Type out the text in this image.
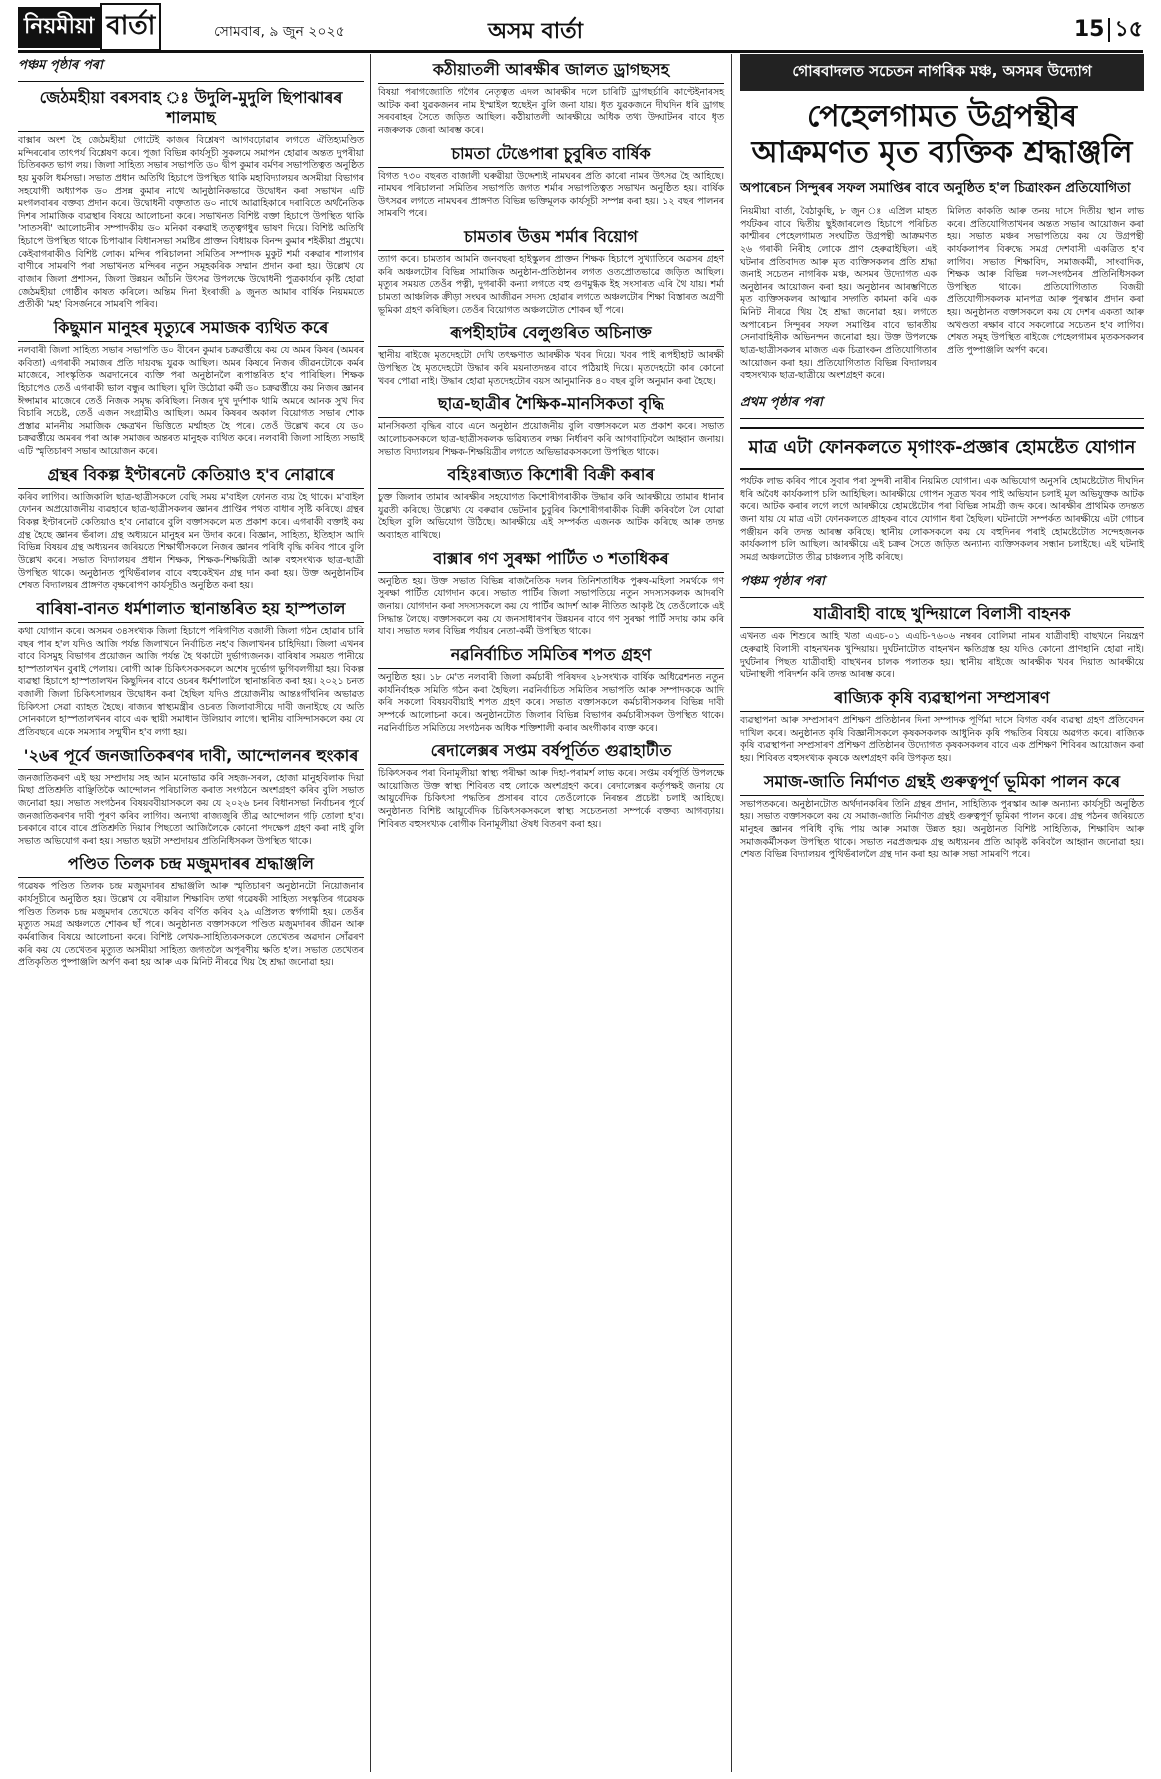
নিয়মীয়া বার্তা	সোমবাৰ, ৯ জুন ২০২৫	অসম বাৰ্তা	15 ১৫
পঞ্চম পৃষ্ঠাৰ পৰা
জেঠমহীয়া বৰসবাহ ঃ উদুলি-মুদুলি ছিপাঝাৰৰ শালমাছ

বাক্সাৰ অংশ হৈ জেঠমহীয়া গোটেই কাজৰ বিশ্লেষণ আগবঢ়োৱাৰ লগতে ঐতিহ্যমণ্ডিত মন্দিৰৰোৰ তাৎপৰ্য বিশ্লেষণ কৰে। পূজা বিভিন্ন কাৰ্যসূচী সুকলমে সমাপন হোৱাৰ অন্তত দুপৰীয়া চিতিৰকত ভাগ লয়। জিলা সাহিত্য সভাৰ সভাপতি ড০ দ্বীপ কুমাৰ বৰ্মণৰ সভাপতিত্বত অনুষ্ঠিত হয় মুকলি ধৰ্মসভা। সভাত প্ৰধান অতিথি হিচাপে উপস্থিত থাকি মহাবিদ্যালয়ৰ অসমীয়া বিভাগৰ সহযোগী অধ্যাপক ড০ প্ৰসন্ন কুমাৰ নাথে আনুষ্ঠানিকভাৱে উদ্বোধন কৰা সভাখন এটি মংগলবাৰৰ বক্তব্য প্ৰদান কৰে। উদ্বোধনী বক্তৃতাত ড০ নাথে আৱাহিকাৰে দৰাবিতে অৰ্থনৈতিক দিশৰ সামাজিক ব্যৱস্থাৰ বিষয়ে আলোচনা কৰে। সভাখনত বিশিষ্ট বক্তা হিচাপে উপস্থিত থাকি 'সাতসৰী' আলোচনীৰ সম্পাদকীয় ড০ মনিকা বৰুৱাই তত্ত্বগধুৰ ভাষণ দিয়ে। বিশিষ্ট অতিথি হিচাপে উপস্থিত থাকে চিপাঝাৰ বিধানসভা সমষ্টিৰ প্ৰাক্তন বিধায়ক বিনন্দ কুমাৰ শইকীয়া প্ৰমুখে। কেইবাগৰাকীও বিশিষ্ট লোক। মন্দিৰ পৰিচালনা সমিতিৰ সম্পাদক মুকুট শৰ্মা বৰুৱাৰ শালাগৰ বাণীৰে সামৰণি পৰা সভাখনত মন্দিৰৰ নতুন সমূহকৰিক সম্মান প্ৰদান কৰা হয়। উল্লেখ যে বাজাৰ জিলা প্ৰশাসন, জিলা উন্নয়ন আঁচনি উৎসৱ উপলক্ষে উদ্বোধনী পুত্ৰকাৰ্য্যৰ কৃষ্টি হোৱা জেঠমহীয়া গোষ্ঠীৰ কাষত কৰিলে। অন্তিম দিনা ইংৰাজী ৯ জুনত আমাৰ বাৰ্ষিক নিয়মমতে প্ৰতীকী 'মহ' বিসৰ্জনৰে সামৰণি পৰিব।

কিছুমান মানুহৰ মৃত্যুৰে সমাজক ব্যথিত কৰে

নলবাৰী জিলা সাহিত্য সভাৰ সভাপতি ড০ বীৰেন কুমাৰ চক্ৰৱৰ্ত্তীয়ে কয় যে অমৰ কিষৰ (অমৰৰ কবিতা) এগৰাকী সমাজৰ প্ৰতি দায়বদ্ধ যুৱক আছিল। অমৰ কিষৰে নিজৰ জীৱনটোকে কৰ্মৰ মাজেৰে, সাংস্কৃতিক অৱদানেৰে ব্যক্তি পৰা অনুষ্ঠানলৈ ৰূপান্তৰিত হ'ব পাৰিছিল। শিক্ষক হিচাপেও তেওঁ এগৰাকী ভাল বন্ধুৰ আছিল। ঘূলি উঠোৱা কৰ্মী ড০ চক্ৰৱৰ্ত্তীয়ে কয় নিজৰ জ্ঞানৰ ঈপ্সামাৰ মাজেৰে তেওঁ নিজক সমৃদ্ধ কৰিছিল। নিজৰ দুখ দুৰ্দশাক থামি অমৰে আনক সুখ দিব বিচাৰি সচেষ্ট, তেওঁ এজন সংগ্ৰামীও আছিল। অমৰ কিষৰৰ অকাল বিয়োগত সভাৰ শোক প্ৰস্তাৱ মাননীয় সমাজিক ক্ষেত্ৰখন ভিত্তিতে মৰ্ম্মাহত হৈ পৰে। তেওঁ উল্লেখ কৰে যে ড০ চক্ৰৱৰ্ত্তীয়ে অমৰৰ পৰা আৰু সমাজৰ অন্তৰত মানুহক ব্যথিত কৰে। নলবাৰী জিলা সাহিত্য সভাই এটি স্মৃতিচাৰণ সভাৰ আয়োজন কৰে।

গ্ৰন্থৰ বিকল্প ইণ্টাৰনেট কেতিয়াও হ'ব নোৱাৰে

কৰিব লাগিব। আজিকালি ছাত্ৰ-ছাত্ৰীসকলে বেছি সময় ম'বাইল ফোনত ব্যয় হৈ থাকে। ম'বাইল ফোনৰ অপ্ৰয়োজনীয় ব্যৱহাৰে ছাত্ৰ-ছাত্ৰীসকলৰ জ্ঞানৰ প্ৰাপ্তিৰ পথত বাধাৰ সৃষ্টি কৰিছে। গ্ৰন্থৰ বিকল্প ইণ্টাৰনেট কেতিয়াও হ'ব নোৱাৰে বুলি বক্তাসকলে মত প্ৰকাশ কৰে। এগৰাকী বক্তাই কয় গ্ৰন্থ হৈছে জ্ঞানৰ ভঁৰাল। গ্ৰন্থ অধ্যয়নে মানুহৰ মন উদাৰ কৰে। বিজ্ঞান, সাহিত্য, ইতিহাস আদি বিভিন্ন বিষয়ৰ গ্ৰন্থ অধ্যয়নৰ জৰিয়তে শিক্ষাৰ্থীসকলে নিজৰ জ্ঞানৰ পৰিধি বৃদ্ধি কৰিব পাৰে বুলি উল্লেখ কৰে। সভাত বিদ্যালয়ৰ প্ৰধান শিক্ষক, শিক্ষক-শিক্ষয়িত্ৰী আৰু বহুসংখ্যক ছাত্ৰ-ছাত্ৰী উপস্থিত থাকে। অনুষ্ঠানত পুথিভঁৰালৰ বাবে বহুকেইখন গ্ৰন্থ দান কৰা হয়। উক্ত অনুষ্ঠানটিৰ শেষত বিদ্যালয়ৰ প্ৰাঙ্গণত বৃক্ষৰোপণ কাৰ্যসূচীও অনুষ্ঠিত কৰা হয়।

বাৰিষা-বানত ধৰ্মশালাত স্থানান্তৰিত হয় হাস্পতাল

কথা যোগান কৰে। অসমৰ ৩৪সংখ্যক জিলা হিচাপে পৰিগণিত বজালী জিলা গঠন হোৱাৰ চাৰি বছৰ পাৰ হ'ল যদিও আজি পৰ্যন্ত জিলাখনে নিৰ্বাচিত নহ'ব জিলাখনৰ চাহিদিয়া। জিলা এখনৰ বাবে বিসমুহ বিভাগৰ প্ৰয়োজন আজি পৰ্যন্ত হৈ থকাটো দুৰ্ভাগ্যজনক। বাৰিষাৰ সময়ত পানীয়ে হাস্পতালখন বুৰাই পেলায়। ৰোগী আৰু চিকিৎসকসকলে অশেষ দুৰ্ভোগ ভুগিবলগীয়া হয়। বিকল্প ব্যৱস্থা হিচাপে হাস্পতালখন কিছুদিনৰ বাবে ওচৰৰ ধৰ্মশালালৈ স্থানান্তৰিত কৰা হয়। ২০২১ চনত বজালী জিলা চিকিৎসালয়ৰ উদ্বোধন কৰা হৈছিল যদিও প্ৰয়োজনীয় আন্তঃগাঁথনিৰ অভাৱত চিকিৎসা সেৱা ব্যাহত হৈছে। ৰাজ্যৰ স্বাস্থ্যমন্ত্ৰীৰ ওচৰত জিলাবাসীয়ে দাবী জনাইছে যে অতি সোনকালে হাস্পতালখনৰ বাবে এক স্থায়ী সমাধান উলিয়াব লাগে। স্থানীয় বাসিন্দাসকলে কয় যে প্ৰতিবছৰে একে সমস্যাৰ সন্মুখীন হ'ব লগা হয়।

'২৬ৰ পূৰ্বে জনজাতিকৰণৰ দাবী, আন্দোলনৰ হুংকাৰ

জনজাতিকৰণ এই ছয় সম্প্ৰদায় সহ আন মনোভাৱ কৰি সহজ-সৰল, হোজা মানুহবিলাক দিয়া মিছা প্ৰতিশ্ৰুতি বাঞ্ছিতিকৈ আন্দোলন পৰিচালিত কৰাত সংগঠনে অংশগ্ৰহণ কৰিব বুলি সভাত জনোৱা হয়। সভাত সংগঠনৰ বিষয়ববীয়াসকলে কয় যে ২০২৬ চনৰ বিধানসভা নিৰ্বাচনৰ পূৰ্বে জনজাতিকৰণৰ দাবী পূৰণ কৰিব লাগিব। অন্যথা ৰাজ্যজুৰি তীব্ৰ আন্দোলন গঢ়ি তোলা হ'ব। চৰকাৰে বাৰে বাৰে প্ৰতিশ্ৰুতি দিয়াৰ পিছতো আজিলৈকে কোনো পদক্ষেপ গ্ৰহণ কৰা নাই বুলি সভাত অভিযোগ কৰা হয়। সভাত ছয়টা সম্প্ৰদায়ৰ প্ৰতিনিধিসকল উপস্থিত থাকে।

পণ্ডিত তিলক চন্দ্ৰ মজুমদাৰৰ শ্ৰদ্ধাঞ্জলি

গৱেষক পণ্ডিত তিলক চন্দ্ৰ মজুমদাৰৰ শ্ৰদ্ধাঞ্জলি আৰু স্মৃতিচাৰণ অনুষ্ঠানটো নিয়োজনাৰ কাৰ্যসূচীৰে অনুষ্ঠিত হয়। উল্লেখ যে বৰীয়াল শিক্ষাবিদ তথা গৱেষকী সাহিত্য সংস্কৃতিৰ গৱেষক পণ্ডিত তিলক চন্দ্ৰ মজুমদাৰ তেখেতে কৰিব বৰ্ণিত কৰিব ২৯ এপ্ৰিলত স্বৰ্গগামী হয়। তেওঁৰ মৃত্যুত সমগ্ৰ অঞ্চলতে শোকৰ ছাঁ পৰে। অনুষ্ঠানত বক্তাসকলে পণ্ডিত মজুমদাৰৰ জীৱন আৰু কৰ্মৰাজিৰ বিষয়ে আলোচনা কৰে। বিশিষ্ট লেখক-সাহিত্যিকসকলে তেখেতৰ অৱদান সোঁৱৰণ কৰি কয় যে তেখেতৰ মৃত্যুত অসমীয়া সাহিত্য জগতলৈ অপূৰণীয় ক্ষতি হ'ল। সভাত তেখেতৰ প্ৰতিকৃতিত পুষ্পাঞ্জলি অৰ্পণ কৰা হয় আৰু এক মিনিট নীৰৱে থিয় হৈ শ্ৰদ্ধা জনোৱা হয়।

কঠীয়াতলী আৰক্ষীৰ জালত ড্ৰাগছসহ

বিষয়া পৰাগজ্যোতি গগৈৰ নেতৃত্বত এদল আৰক্ষীৰ দলে চাৰিটি ড্ৰাগছৰ্চাৰি কাণ্টেইনাৰসহ আটক কৰা যুৱকজনৰ নাম ইস্মাইল হুছেইন বুলি জনা যায়। ধৃত যুৱকজনে দীঘদিন ধৰি ড্ৰাগছ সৰবৰাহৰ সৈতে জড়িত আছিল। কঠীয়াতলী আৰক্ষীয়ে অধিক তথ্য উদ্ঘাটনৰ বাবে ধৃত নজৰুলক জেৰা আৰম্ভ কৰে।

চামতা টেঙেপাৰা চুবুৰিত বাৰ্ষিক

বিগত ৭৩০ বছৰত বাজালী ঘৰুৱীয়া উদ্দেশ্যই নামঘৰৰ প্ৰতি কাৰো নামৰ উৎসৱ হৈ আহিছে। নামঘৰ পৰিচালনা সমিতিৰ সভাপতি জগত শৰ্মাৰ সভাপতিত্বত সভাখন অনুষ্ঠিত হয়। বাৰ্ষিক উৎসৱৰ লগতে নামঘৰৰ প্ৰাঙ্গণত বিভিন্ন ভক্তিমূলক কাৰ্যসূচী সম্পন্ন কৰা হয়। ১২ বছৰ পালনৰ সামৰণি পৰে।

চামতাৰ উত্তম শৰ্মাৰ বিয়োগ

ত্যাগ কৰে। চামতাৰ আমনি জনবছৰা হাইস্কুলৰ প্ৰাক্তন শিক্ষক হিচাপে সুখ্যাতিৰে অৱসৰ গ্ৰহণ কৰি অঞ্চলটোৰ বিভিন্ন সামাজিক অনুষ্ঠান-প্ৰতিষ্ঠানৰ লগত ওতপ্ৰোতভাৱে জড়িত আছিল। মৃত্যুৰ সময়ত তেওঁৰ পত্নী, দুগৰাকী কন্যা লগতে বহু গুণমুগ্ধক ইহ সংসাৰত এৰি থৈ যায়। শৰ্মা চামতা আঞ্চলিক ক্ৰীড়া সংঘৰ আজীৱন সদস্য হোৱাৰ লগতে অঞ্চলটোৰ শিক্ষা বিস্তাৰত অগ্ৰণী ভূমিকা গ্ৰহণ কৰিছিল। তেওঁৰ বিয়োগত অঞ্চলটোত শোকৰ ছাঁ পৰে।

ৰূপহীহাটৰ বেলুগুৰিত অচিনাক্ত

স্থানীয় ৰাইজে মৃতদেহটো দেখি তৎক্ষণাত আৰক্ষীক খবৰ দিয়ে। খবৰ পাই ৰূপহীহাট আৰক্ষী উপস্থিত হৈ মৃতদেহটো উদ্ধাৰ কৰি ময়নাতদন্তৰ বাবে পঠিয়াই দিয়ে। মৃতদেহটো কাৰ কোনো খবৰ পোৱা নাই। উদ্ধাৰ হোৱা মৃতদেহটোৰ বয়স আনুমানিক ৪০ বছৰ বুলি অনুমান কৰা হৈছে।

ছাত্ৰ-ছাত্ৰীৰ শৈক্ষিক-মানসিকতা বৃদ্ধি

মানসিকতা বৃদ্ধিৰ বাবে এনে অনুষ্ঠান প্ৰয়োজনীয় বুলি বক্তাসকলে মত প্ৰকাশ কৰে। সভাত আলোচকসকলে ছাত্ৰ-ছাত্ৰীসকলক ভৱিষ্যতৰ লক্ষ্য নিৰ্ধাৰণ কৰি আগবাঢ়িবলৈ আহ্বান জনায়। সভাত বিদ্যালয়ৰ শিক্ষক-শিক্ষয়িত্ৰীৰ লগতে অভিভাৱকসকলো উপস্থিত থাকে।

বহিঃৰাজ্যত কিশোৰী বিক্ৰী কৰাৰ

চুক্ত জিলাৰ তামাৰ আৰক্ষীৰ সহযোগত কিশোৰীগৰাকীক উদ্ধাৰ কৰি আৰক্ষীয়ে তামাৰ ধানাৰ যুৱতী কৰিছে। উল্লেখ্য যে বৰুৱাৰ ভেটনাৰ চুবুৰিৰ কিশোৰীগৰাকীক বিক্ৰী কৰিবলৈ লৈ যোৱা হৈছিল বুলি অভিযোগ উঠিছে। আৰক্ষীয়ে এই সম্পৰ্কত এজনক আটক কৰিছে আৰু তদন্ত অব্যাহত ৰাখিছে।

বাক্সাৰ গণ সুৰক্ষা পাৰ্টিত ৩ শতাধিকৰ

অনুষ্ঠিত হয়। উক্ত সভাত বিভিন্ন ৰাজনৈতিক দলৰ তিনিশতাধিক পুৰুষ-মহিলা সমৰ্থকে গণ সুৰক্ষা পাৰ্টিত যোগদান কৰে। সভাত পাৰ্টিৰ জিলা সভাপতিয়ে নতুন সদস্যসকলক আদৰণি জনায়। যোগদান কৰা সদস্যসকলে কয় যে পাৰ্টিৰ আদৰ্শ আৰু নীতিত আকৃষ্ট হৈ তেওঁলোকে এই সিদ্ধান্ত লৈছে। বক্তাসকলে কয় যে জনসাধাৰণৰ উন্নয়নৰ বাবে গণ সুৰক্ষা পাৰ্টি সদায় কাম কৰি যাব। সভাত দলৰ বিভিন্ন পৰ্যায়ৰ নেতা-কৰ্মী উপস্থিত থাকে।

নৱনিৰ্বাচিত সমিতিৰ শপত গ্ৰহণ

অনুষ্ঠিত হয়। ১৮ মে'ত নলবাৰী জিলা কৰ্মচাৰী পৰিষদৰ ২৮সংখ্যক বাৰ্ষিক অধিৱেশনত নতুন কাৰ্যনিৰ্বাহক সমিতি গঠন কৰা হৈছিল। নৱনিৰ্বাচিত সমিতিৰ সভাপতি আৰু সম্পাদককে আদি কৰি সকলো বিষয়ববীয়াই শপত গ্ৰহণ কৰে। সভাত বক্তাসকলে কৰ্মচাৰীসকলৰ বিভিন্ন দাবী সম্পৰ্কে আলোচনা কৰে। অনুষ্ঠানটোত জিলাৰ বিভিন্ন বিভাগৰ কৰ্মচাৰীসকল উপস্থিত থাকে। নৱনিৰ্বাচিত সমিতিয়ে সংগঠনক অধিক শক্তিশালী কৰাৰ অংগীকাৰ ব্যক্ত কৰে।

ৰেদালেক্সৰ সপ্তম বৰ্ষপূৰ্তিত গুৱাহাটীত

চিকিৎসকৰ পৰা বিনামূলীয়া স্বাস্থ্য পৰীক্ষা আৰু দিহা-পৰামৰ্শ লাভ কৰে। সপ্তম বৰ্ষপূৰ্তি উপলক্ষে আয়োজিত উক্ত স্বাস্থ্য শিবিৰত বহু লোকে অংশগ্ৰহণ কৰে। ৰেদালেক্সৰ কৰ্তৃপক্ষই জনায় যে আয়ুৰ্বেদিক চিকিৎসা পদ্ধতিৰ প্ৰসাৰৰ বাবে তেওঁলোকে নিৰন্তৰ প্ৰচেষ্টা চলাই আহিছে। অনুষ্ঠানত বিশিষ্ট আয়ুৰ্বেদিক চিকিৎসকসকলে স্বাস্থ্য সচেতনতা সম্পৰ্কে বক্তব্য আগবঢ়ায়। শিবিৰত বহুসংখ্যক ৰোগীক বিনামূলীয়া ঔষধ বিতৰণ কৰা হয়।

গোৰবাদলত সচেতন নাগৰিক মঞ্চ, অসমৰ উদ্যোগ
পেহেলগামত উগ্ৰপন্থীৰ
আক্ৰমণত মৃত ব্যক্তিক শ্ৰদ্ধাঞ্জলি
অপাৰেচন সিন্দুৰৰ সফল সমাপ্তিৰ বাবে অনুষ্ঠিত হ'ল চিত্ৰাংকন প্ৰতিযোগিতা
নিয়মীয়া বাৰ্তা, বৈঠাকুছি, ৮ জুন ঃ এপ্ৰিল মাহত পৰ্যটকৰ বাবে দ্বিতীয় ছুইজাৰলেণ্ড হিচাপে পৰিচিত কাশ্মীৰৰ পেহেলগামত সংঘটিত উগ্ৰপন্থী আক্ৰমণত ২৬ গৰাকী নিৰীহ লোকে প্ৰাণ হেৰুৱাইছিল। এই ঘটনাৰ প্ৰতিবাদত আৰু মৃত ব্যক্তিসকলৰ প্ৰতি শ্ৰদ্ধা জনাই সচেতন নাগৰিক মঞ্চ, অসমৰ উদ্যোগত এক অনুষ্ঠানৰ আয়োজন কৰা হয়। অনুষ্ঠানৰ আৰম্ভণিতে মৃত ব্যক্তিসকলৰ আত্মাৰ সদ্গতি কামনা কৰি এক মিনিট নীৰৱে থিয় হৈ শ্ৰদ্ধা জনোৱা হয়। লগতে অপাৰেচন সিন্দুৰৰ সফল সমাপ্তিৰ বাবে ভাৰতীয় সেনাবাহিনীক অভিনন্দন জনোৱা হয়। উক্ত উপলক্ষে ছাত্ৰ-ছাত্ৰীসকলৰ মাজত এক চিত্ৰাংকন প্ৰতিযোগিতাৰ আয়োজন কৰা হয়। প্ৰতিযোগিতাত বিভিন্ন বিদ্যালয়ৰ বহুসংখ্যক ছাত্ৰ-ছাত্ৰীয়ে অংশগ্ৰহণ কৰে।
মিলিত কাকতি আৰু তনয় দাসে দিতীয় স্থান লাভ কৰে। প্ৰতিযোগিতাখনৰ অন্তত সভাৰ আয়োজন কৰা হয়। সভাত মঞ্চৰ সভাপতিয়ে কয় যে উগ্ৰপন্থী কাৰ্যকলাপৰ বিৰুদ্ধে সমগ্ৰ দেশবাসী একত্ৰিত হ'ব লাগিব। সভাত শিক্ষাবিদ, সমাজকৰ্মী, সাংবাদিক, শিক্ষক আৰু বিভিন্ন দল-সংগঠনৰ প্ৰতিনিধিসকল উপস্থিত থাকে। প্ৰতিযোগিতাত বিজয়ী প্ৰতিযোগীসকলক মানপত্ৰ আৰু পুৰস্কাৰ প্ৰদান কৰা হয়। অনুষ্ঠানত বক্তাসকলে কয় যে দেশৰ একতা আৰু অখণ্ডতা ৰক্ষাৰ বাবে সকলোৱে সচেতন হ'ব লাগিব। শেষত সমূহ উপস্থিত ৰাইজে পেহেলগামৰ মৃতকসকলৰ প্ৰতি পুষ্পাঞ্জলি অৰ্পণ কৰে।
প্ৰথম পৃষ্ঠাৰ পৰা
মাত্ৰ এটা ফোনকলতে মৃগাংক-প্ৰজ্ঞাৰ হোমষ্টেত যোগান

পৰ্যটক লাভ কৰিব পাৰে সুবাৰ পৰা সুন্দৰী নাৰীৰ নিয়মিত যোগান। এক অভিযোগ অনুসৰি হোমষ্টেটোত দীঘদিন ধৰি অবৈধ কাৰ্যকলাপ চলি আহিছিল। আৰক্ষীয়ে গোপন সূত্ৰত খবৰ পাই অভিযান চলাই মূল অভিযুক্তক আটক কৰে। আটক কৰাৰ লগে লগে আৰক্ষীয়ে হোমষ্টেটোৰ পৰা বিভিন্ন সামগ্ৰী জব্দ কৰে। আৰক্ষীৰ প্ৰাথমিক তদন্তত জনা যায় যে মাত্ৰ এটা ফোনকলতে গ্ৰাহকৰ বাবে যোগান ধৰা হৈছিল। ঘটনাটো সম্পৰ্কত আৰক্ষীয়ে এটা গোচৰ পঞ্জীয়ন কৰি তদন্ত আৰম্ভ কৰিছে। স্থানীয় লোকসকলে কয় যে বহুদিনৰ পৰাই হোমষ্টেটোত সন্দেহজনক কাৰ্যকলাপ চলি আছিল। আৰক্ষীয়ে এই চক্ৰৰ সৈতে জড়িত অন্যান্য ব্যক্তিসকলৰ সন্ধান চলাইছে। এই ঘটনাই সমগ্ৰ অঞ্চলটোত তীব্ৰ চাঞ্চল্যৰ সৃষ্টি কৰিছে।

পঞ্চম পৃষ্ঠাৰ পৰা
যাত্ৰীবাহী বাছে খুন্দিয়ালে বিলাসী বাহনক

এখনত এক শিশুৰে আহি খতা এএচ-০১ এএচি-৭৬০৬ নম্বৰৰ বোলিমা নামৰ যাত্ৰীবাহী বাছখনে নিয়ন্ত্ৰণ হেৰুৱাই বিলাসী বাহনখনক খুন্দিয়ায়। দুৰ্ঘটনাটোত বাহনখন ক্ষতিগ্ৰস্ত হয় যদিও কোনো প্ৰাণহানি হোৱা নাই। দুৰ্ঘটনাৰ পিছত যাত্ৰীবাহী বাছখনৰ চালক পলাতক হয়। স্থানীয় ৰাইজে আৰক্ষীক খবৰ দিয়াত আৰক্ষীয়ে ঘটনাস্থলী পৰিদৰ্শন কৰি তদন্ত আৰম্ভ কৰে।

ৰাজ্যিক কৃষি ব্যৱস্থাপনা সম্প্ৰসাৰণ

ব্যৱস্থাপনা আৰু সম্প্ৰসাৰণ প্ৰশিক্ষণ প্ৰতিষ্ঠানৰ দিনা সম্পাদক পূৰ্ণিমা দাসে বিগত বৰ্ষৰ ব্যৱস্থা গ্ৰহণ প্ৰতিবেদন দাখিল কৰে। অনুষ্ঠানত কৃষি বিজ্ঞানীসকলে কৃষকসকলক আধুনিক কৃষি পদ্ধতিৰ বিষয়ে অৱগত কৰে। ৰাজ্যিক কৃষি ব্যৱস্থাপনা সম্প্ৰসাৰণ প্ৰশিক্ষণ প্ৰতিষ্ঠানৰ উদ্যোগত কৃষকসকলৰ বাবে এক প্ৰশিক্ষণ শিবিৰৰ আয়োজন কৰা হয়। শিবিৰত বহুসংখ্যক কৃষকে অংশগ্ৰহণ কৰি উপকৃত হয়।

সমাজ-জাতি নিৰ্মাণত গ্ৰন্থই গুৰুত্বপূৰ্ণ ভূমিকা পালন কৰে

সভাপতকৰে। অনুষ্ঠানটোত অৰ্থদানকৰিৰ তিনি গ্ৰন্থৰ প্ৰদান, সাহিত্যিক পুৰস্কাৰ আৰু অন্যান্য কাৰ্যসূচী অনুষ্ঠিত হয়। সভাত বক্তাসকলে কয় যে সমাজ-জাতি নিৰ্মাণত গ্ৰন্থই গুৰুত্বপূৰ্ণ ভূমিকা পালন কৰে। গ্ৰন্থ পঠনৰ জৰিয়তে মানুহৰ জ্ঞানৰ পৰিধি বৃদ্ধি পায় আৰু সমাজ উন্নত হয়। অনুষ্ঠানত বিশিষ্ট সাহিত্যিক, শিক্ষাবিদ আৰু সমাজকৰ্মীসকল উপস্থিত থাকে। সভাত নৱপ্ৰজন্মক গ্ৰন্থ অধ্যয়নৰ প্ৰতি আকৃষ্ট কৰিবলৈ আহ্বান জনোৱা হয়। শেষত বিভিন্ন বিদ্যালয়ৰ পুথিভঁৰাললৈ গ্ৰন্থ দান কৰা হয় আৰু সভা সামৰণি পৰে।
